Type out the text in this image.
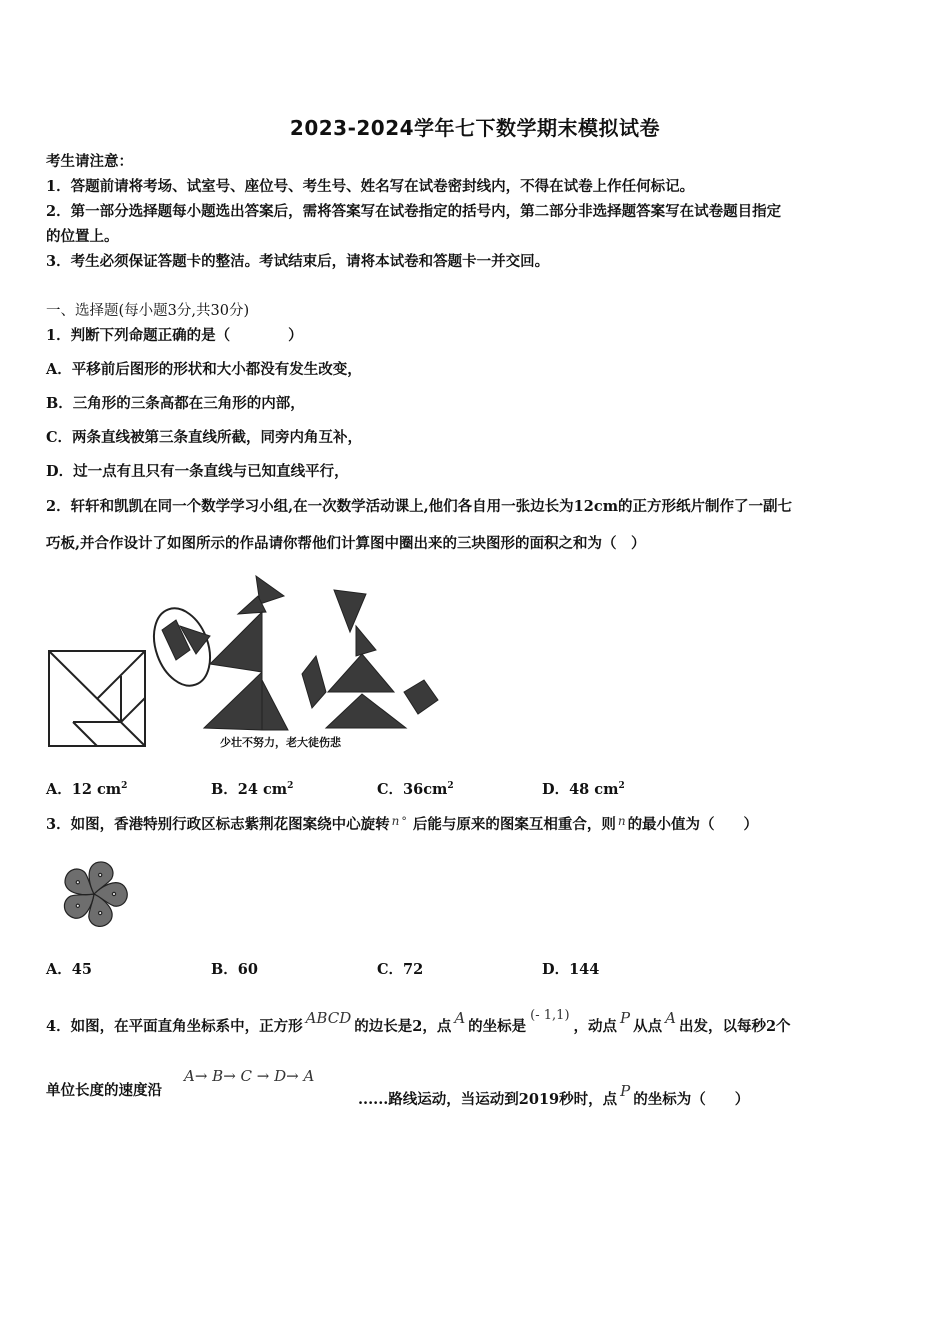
2023-2024学年七下数学期末模拟试卷
考生请注意：
1．答题前请将考场、试室号、座位号、考生号、姓名写在试卷密封线内，不得在试卷上作任何标记。
2．第一部分选择题每小题选出答案后，需将答案写在试卷指定的括号内，第二部分非选择题答案写在试卷题目指定
的位置上。
3．考生必须保证答题卡的整洁。考试结束后，请将本试卷和答题卡一并交回。
一、选择题(每小题3分,共30分)
1．判断下列命题正确的是（　　　　）
A．平移前后图形的形状和大小都没有发生改变，
B．三角形的三条高都在三角形的内部，
C．两条直线被第三条直线所截，同旁内角互补，
D．过一点有且只有一条直线与已知直线平行，
2．轩轩和凯凯在同一个数学学习小组,在一次数学活动课上,他们各自用一张边长为12cm的正方形纸片制作了一副七
巧板,并合作设计了如图所示的作品请你帮他们计算图中圈出来的三块图形的面积之和为（　）
少壮不努力，老大徒伤悲
A．12 $cm^2$	B．24 $cm^2$	C．$36cm^2$	D．48 $cm^2$
3．如图，香港特别行政区标志紫荆花图案绕中心旋转 $^n$ ° 后能与原来的图案互相重合，则 $^n$ 的最小值为（　　）
A．45	B．60	C．72	D．144
4．如图，在平面直角坐标系中，正方形 ABCD 的边长是2，点 A 的坐标是(- 1,1)，动点 P 从点 A 出发，以每秒2个
单位长度的速度沿
A→ B→ C → D→ A
......路线运动，当运动到2019秒时，点 P 的坐标为（　　）
